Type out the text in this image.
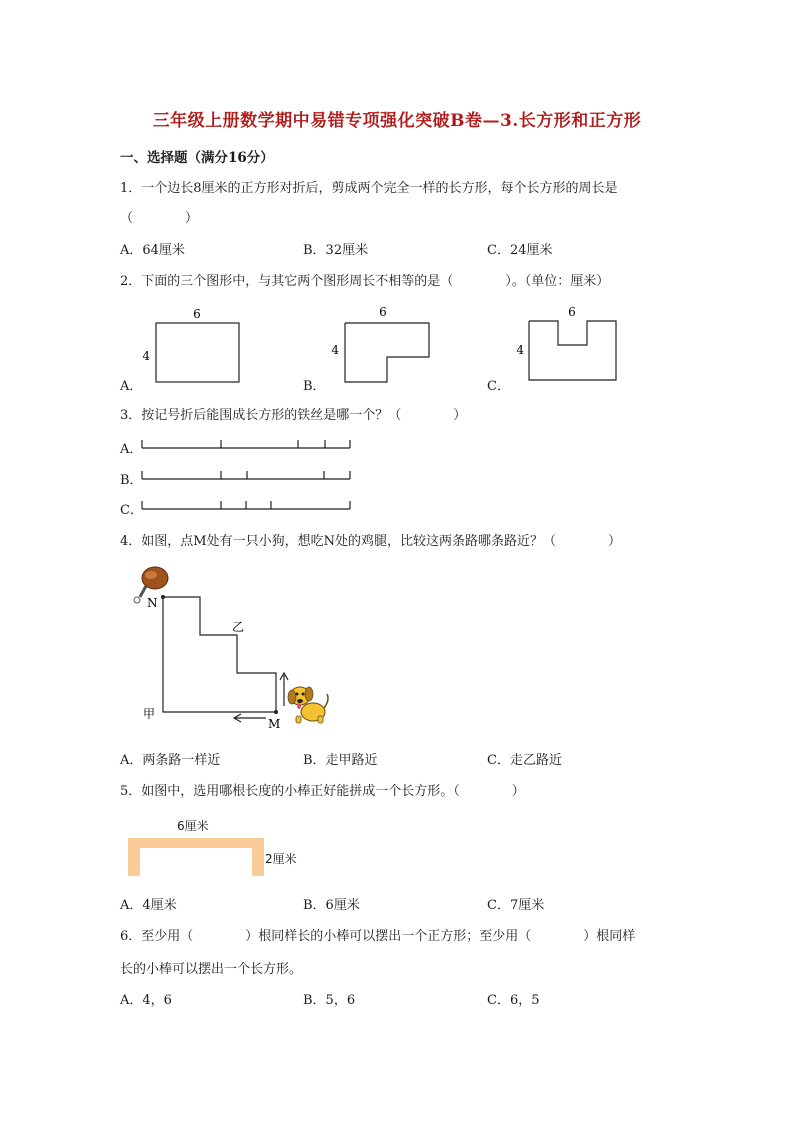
三年级上册数学期中易错专项强化突破B卷—3.长方形和正方形
一、选择题（满分16分）
1．一个边长8厘米的正方形对折后，剪成两个完全一样的长方形，每个长方形的周长是
（　　　　）
A．64厘米	B．32厘米	C．24厘米
2．下面的三个图形中，与其它两个图形周长不相等的是（　　　　）。（单位：厘米）
6
4
6
4
6
4
A．	B．	C．
3．按记号折后能围成长方形的铁丝是哪一个？（　　　　）
A．
B．
C．
4．如图，点M处有一只小狗，想吃N处的鸡腿，比较这两条路哪条路近？（　　　　）
N
M
甲
乙
A．两条路一样近	B．走甲路近	C．走乙路近
5．如图中，选用哪根长度的小棒正好能拼成一个长方形。（　　　　）
6厘米
2厘米
A．4厘米	B．6厘米	C．7厘米
6．至少用（　　　　）根同样长的小棒可以摆出一个正方形；至少用（　　　　）根同样
长的小棒可以摆出一个长方形。
A．4，6	B．5，6	C．6，5
